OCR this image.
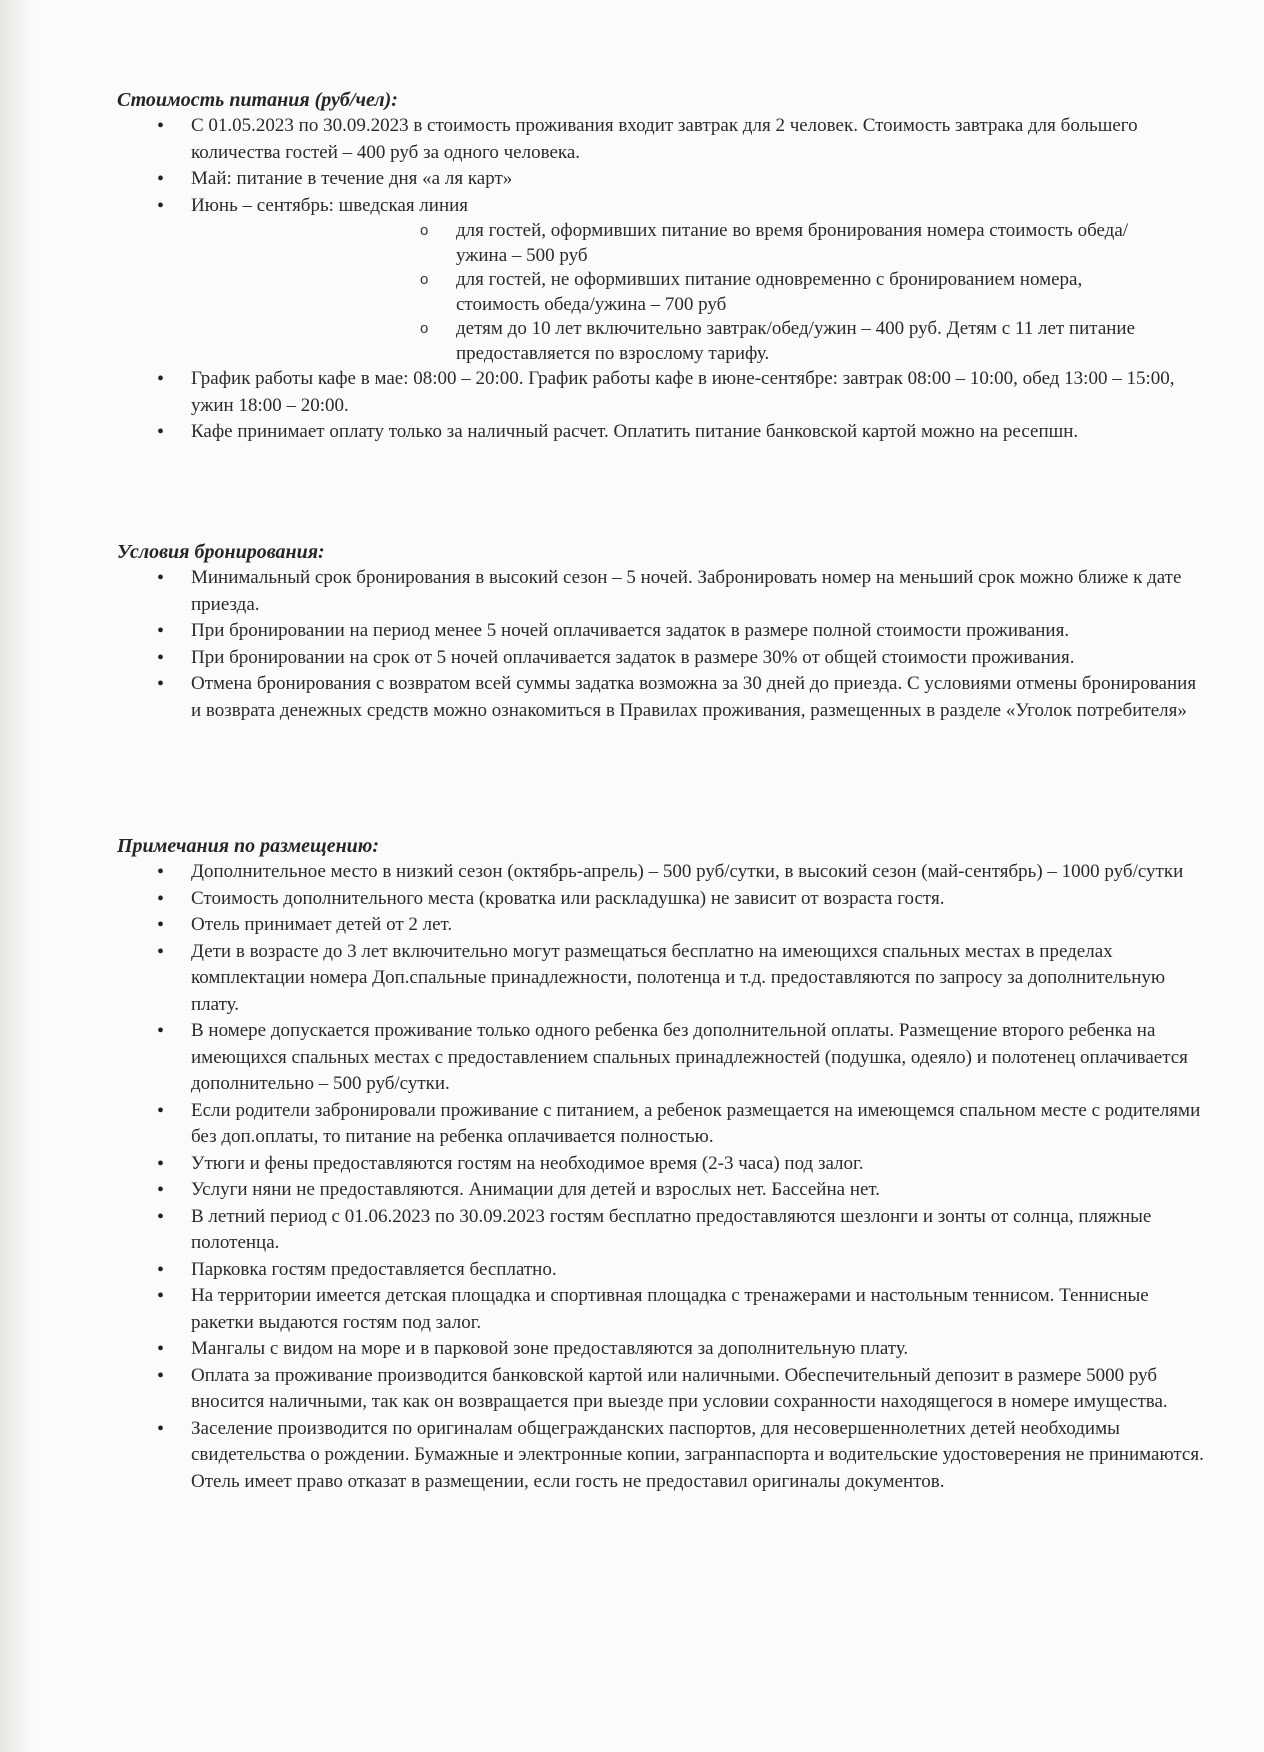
Стоимость питания (руб/чел):
• С 01.05.2023 по 30.09.2023 в стоимость проживания входит завтрак для 2 человек. Стоимость завтрака для большего количества гостей – 400 руб за одного человека.
• Май: питание в течение дня «а ля карт»
• Июнь – сентябрь: шведская линия
o для гостей, оформивших питание во время бронирования номера стоимость обеда/ужина – 500 руб
o для гостей, не оформивших питание одновременно с бронированием номера, стоимость обеда/ужина – 700 руб
o детям до 10 лет включительно завтрак/обед/ужин – 400 руб. Детям с 11 лет питание предоставляется по взрослому тарифу.
• График работы кафе в мае: 08:00 – 20:00. График работы кафе в июне-сентябре: завтрак 08:00 – 10:00, обед 13:00 – 15:00, ужин 18:00 – 20:00.
• Кафе принимает оплату только за наличный расчет. Оплатить питание банковской картой можно на ресепшн.
Условия бронирования:
• Минимальный срок бронирования в высокий сезон – 5 ночей. Забронировать номер на меньший срок можно ближе к дате приезда.
• При бронировании на период менее 5 ночей оплачивается задаток в размере полной стоимости проживания.
• При бронировании на срок от 5 ночей оплачивается задаток в размере 30% от общей стоимости проживания.
• Отмена бронирования с возвратом всей суммы задатка возможна за 30 дней до приезда. С условиями отмены бронирования и возврата денежных средств можно ознакомиться в Правилах проживания, размещенных в разделе «Уголок потребителя»
Примечания по размещению:
• Дополнительное место в низкий сезон (октябрь-апрель) – 500 руб/сутки, в высокий сезон (май-сентябрь) – 1000 руб/сутки
• Стоимость дополнительного места (кроватка или раскладушка) не зависит от возраста гостя.
• Отель принимает детей от 2 лет.
• Дети в возрасте до 3 лет включительно могут размещаться бесплатно на имеющихся спальных местах в пределах комплектации номера Доп.спальные принадлежности, полотенца и т.д. предоставляются по запросу за дополнительную плату.
• В номере допускается проживание только одного ребенка без дополнительной оплаты. Размещение второго ребенка на имеющихся спальных местах с предоставлением спальных принадлежностей (подушка, одеяло) и полотенец оплачивается дополнительно – 500 руб/сутки.
• Если родители забронировали проживание с питанием, а ребенок размещается на имеющемся спальном месте с родителями без доп.оплаты, то питание на ребенка оплачивается полностью.
• Утюги и фены предоставляются гостям на необходимое время (2-3 часа) под залог.
• Услуги няни не предоставляются. Анимации для детей и взрослых нет. Бассейна нет.
• В летний период с 01.06.2023 по 30.09.2023 гостям бесплатно предоставляются шезлонги и зонты от солнца, пляжные полотенца.
• Парковка гостям предоставляется бесплатно.
• На территории имеется детская площадка и спортивная площадка с тренажерами и настольным теннисом. Теннисные ракетки выдаются гостям под залог.
• Мангалы с видом на море и в парковой зоне предоставляются за дополнительную плату.
• Оплата за проживание производится банковской картой или наличными. Обеспечительный депозит в размере 5000 руб вносится наличными, так как он возвращается при выезде при условии сохранности находящегося в номере имущества.
• Заселение производится по оригиналам общегражданских паспортов, для несовершеннолетних детей необходимы свидетельства о рождении. Бумажные и электронные копии, загранпаспорта и водительские удостоверения не принимаются. Отель имеет право отказат в размещении, если гость не предоставил оригиналы документов.
